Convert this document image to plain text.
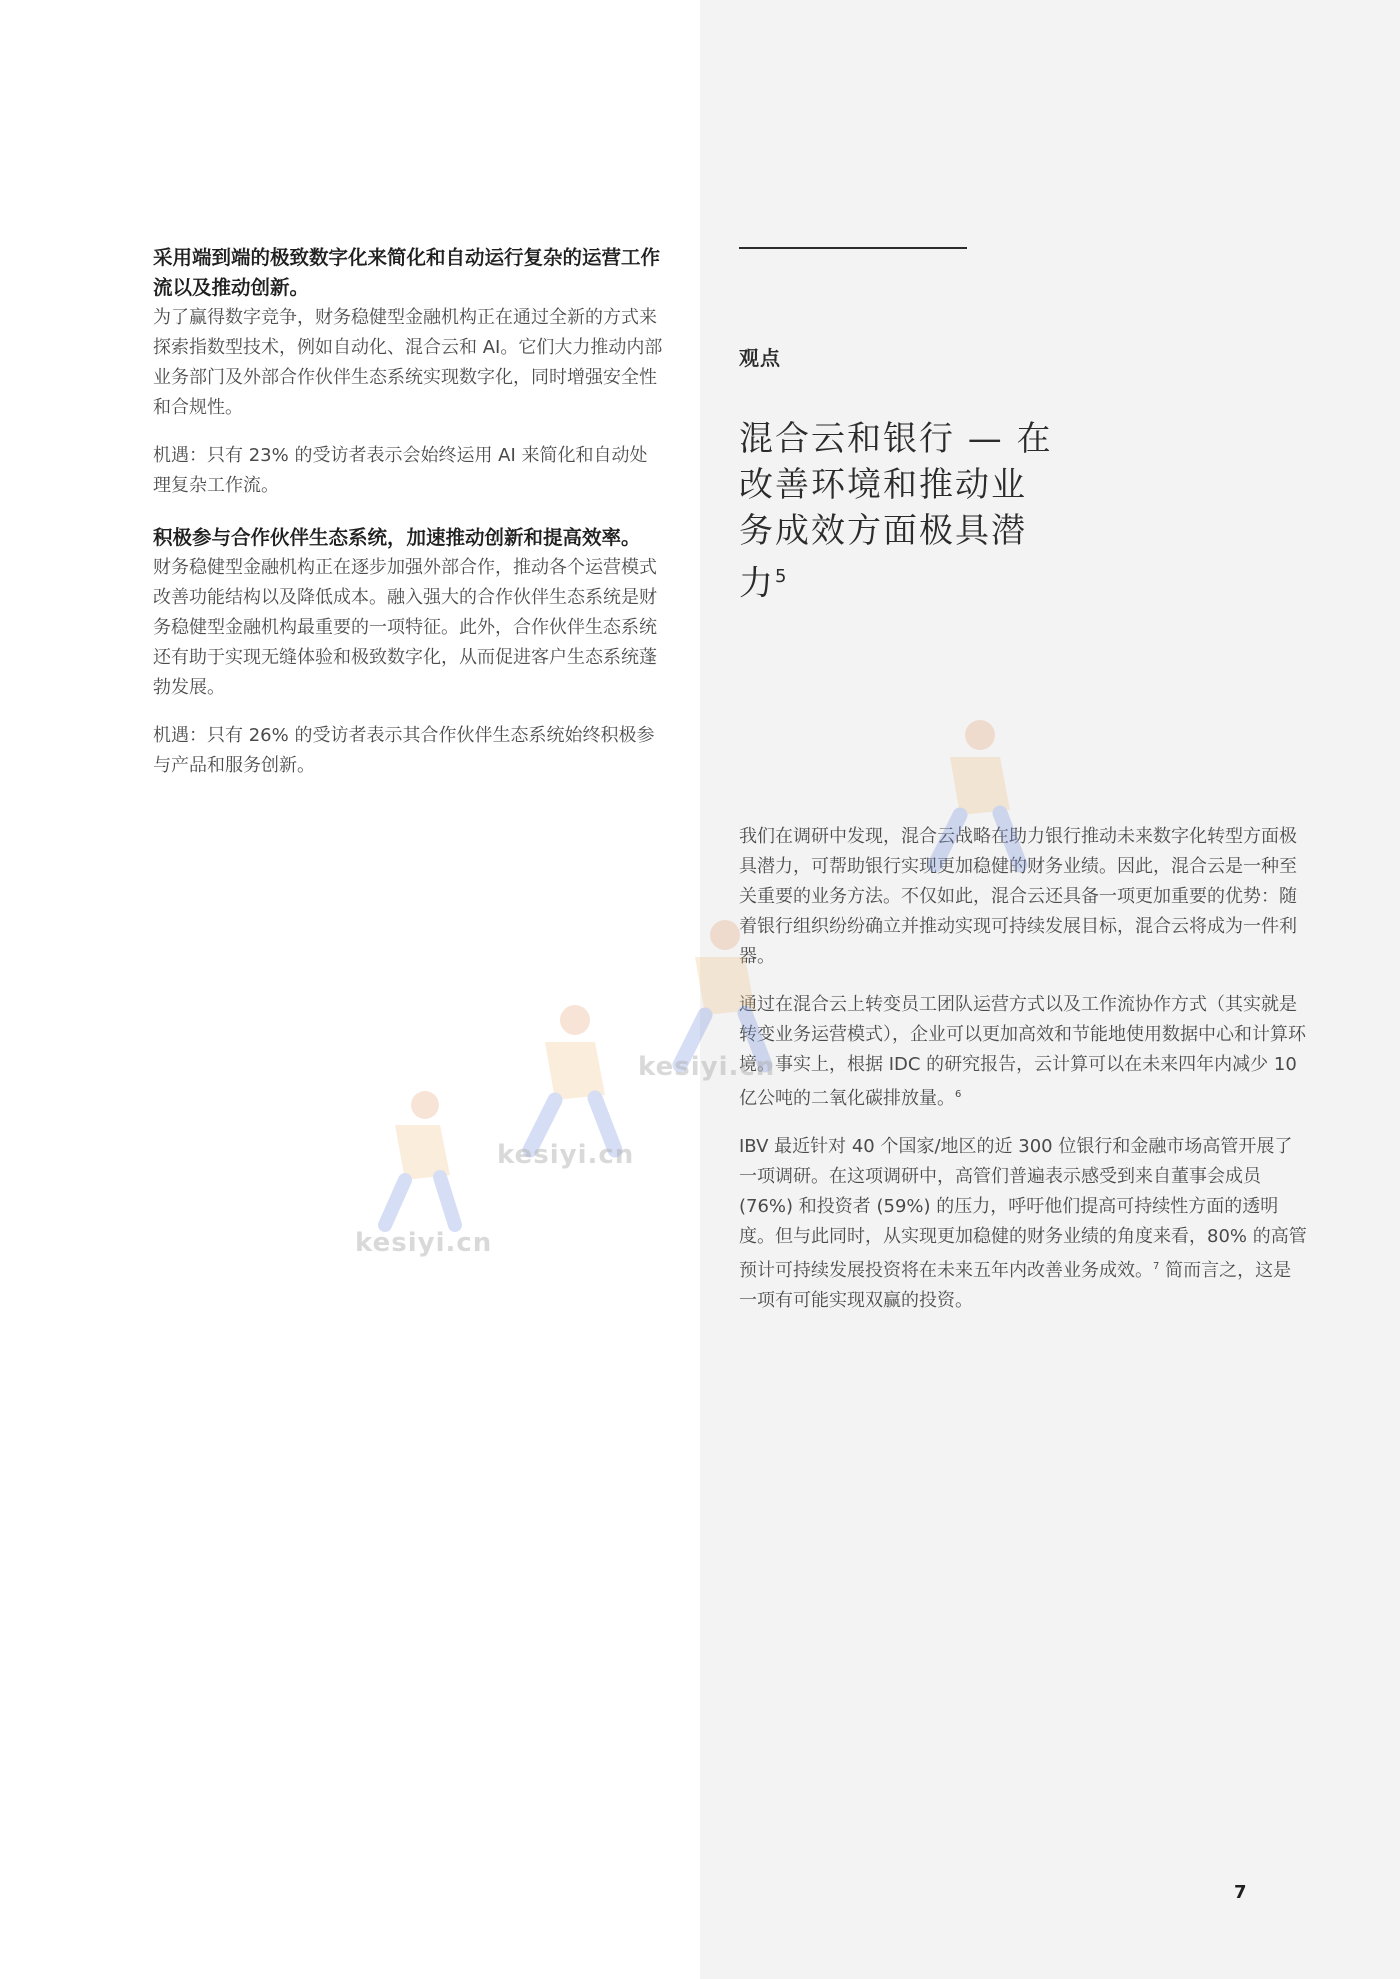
采用端到端的极致数字化来简化和自动运行复杂的运营工作流以及推动创新。

为了赢得数字竞争，财务稳健型金融机构正在通过全新的方式来探索指数型技术，例如自动化、混合云和 AI。它们大力推动内部业务部门及外部合作伙伴生态系统实现数字化，同时增强安全性和合规性。

机遇：只有 23% 的受访者表示会始终运用 AI 来简化和自动处理复杂工作流。

积极参与合作伙伴生态系统，加速推动创新和提高效率。

财务稳健型金融机构正在逐步加强外部合作，推动各个运营模式改善功能结构以及降低成本。融入强大的合作伙伴生态系统是财务稳健型金融机构最重要的一项特征。此外，合作伙伴生态系统还有助于实现无缝体验和极致数字化，从而促进客户生态系统蓬勃发展。

机遇：只有 26% 的受访者表示其合作伙伴生态系统始终积极参与产品和服务创新。

观点
混合云和银行 — 在改善环境和推动业务成效方面极具潜力$^5$

我们在调研中发现，混合云战略在助力银行推动未来数字化转型方面极具潜力，可帮助银行实现更加稳健的财务业绩。因此，混合云是一种至关重要的业务方法。不仅如此，混合云还具备一项更加重要的优势：随着银行组织纷纷确立并推动实现可持续发展目标，混合云将成为一件利器。

通过在混合云上转变员工团队运营方式以及工作流协作方式（其实就是转变业务运营模式），企业可以更加高效和节能地使用数据中心和计算环境。事实上，根据 IDC 的研究报告，云计算可以在未来四年内减少 10 亿公吨的二氧化碳排放量。$^6$

IBV 最近针对 40 个国家/地区的近 300 位银行和金融市场高管开展了一项调研。在这项调研中，高管们普遍表示感受到来自董事会成员 (76%) 和投资者 (59%) 的压力，呼吁他们提高可持续性方面的透明度。但与此同时，从实现更加稳健的财务业绩的角度来看，80% 的高管预计可持续发展投资将在未来五年内改善业务成效。$^7$ 简而言之，这是一项有可能实现双赢的投资。

kesiyi.cn
kesiyi.cn
kesiyi.cn
7
